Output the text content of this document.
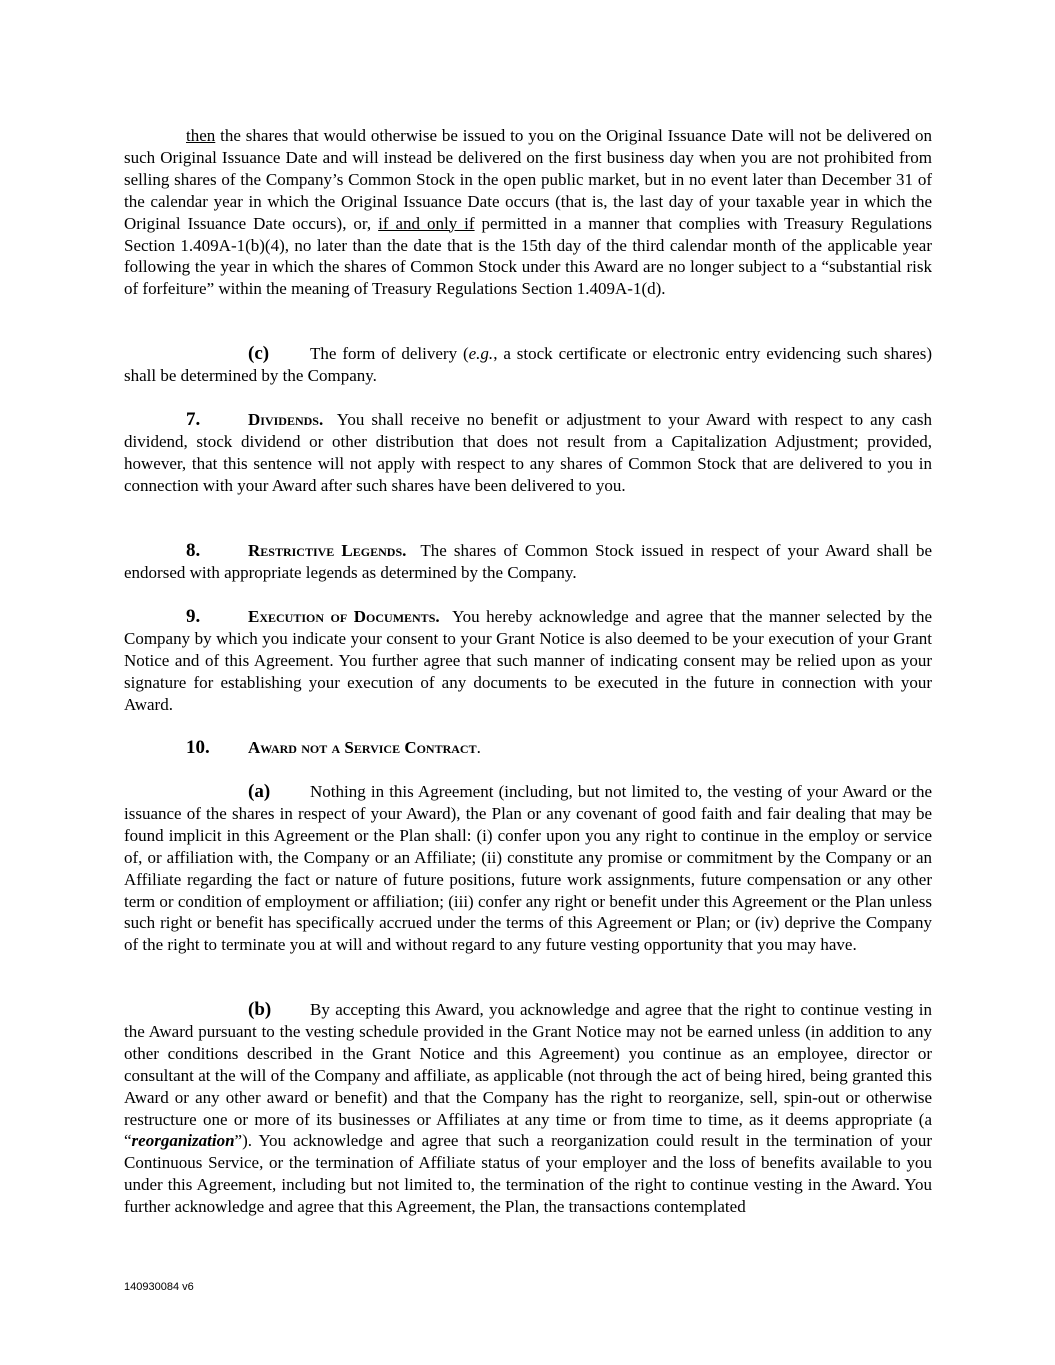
then the shares that would otherwise be issued to you on the Original Issuance Date will not be delivered on such Original Issuance Date and will instead be delivered on the first business day when you are not prohibited from selling shares of the Company’s Common Stock in the open public market, but in no event later than December 31 of the calendar year in which the Original Issuance Date occurs (that is, the last day of your taxable year in which the Original Issuance Date occurs), or, if and only if permitted in a manner that complies with Treasury Regulations Section 1.409A-1(b)(4), no later than the date that is the 15th day of the third calendar month of the applicable year following the year in which the shares of Common Stock under this Award are no longer subject to a “substantial risk of forfeiture” within the meaning of Treasury Regulations Section 1.409A-1(d).

(c) The form of delivery (e.g., a stock certificate or electronic entry evidencing such shares) shall be determined by the Company.

7.	Dividends. You shall receive no benefit or adjustment to your Award with respect to any cash dividend, stock dividend or other distribution that does not result from a Capitalization Adjustment; provided, however, that this sentence will not apply with respect to any shares of Common Stock that are delivered to you in connection with your Award after such shares have been delivered to you.

8.	Restrictive Legends. The shares of Common Stock issued in respect of your Award shall be endorsed with appropriate legends as determined by the Company.

9.	Execution of Documents. You hereby acknowledge and agree that the manner selected by the Company by which you indicate your consent to your Grant Notice is also deemed to be your execution of your Grant Notice and of this Agreement. You further agree that such manner of indicating consent may be relied upon as your signature for establishing your execution of any documents to be executed in the future in connection with your Award.

10. Award not a Service Contract.

(a) Nothing in this Agreement (including, but not limited to, the vesting of your Award or the issuance of the shares in respect of your Award), the Plan or any covenant of good faith and fair dealing that may be found implicit in this Agreement or the Plan shall: (i) confer upon you any right to continue in the employ or service of, or affiliation with, the Company or an Affiliate; (ii) constitute any promise or commitment by the Company or an Affiliate regarding the fact or nature of future positions, future work assignments, future compensation or any other term or condition of employment or affiliation; (iii) confer any right or benefit under this Agreement or the Plan unless such right or benefit has specifically accrued under the terms of this Agreement or Plan; or (iv) deprive the Company of the right to terminate you at will and without regard to any future vesting opportunity that you may have.

(b) By accepting this Award, you acknowledge and agree that the right to continue vesting in the Award pursuant to the vesting schedule provided in the Grant Notice may not be earned unless (in addition to any other conditions described in the Grant Notice and this Agreement) you continue as an employee, director or consultant at the will of the Company and affiliate, as applicable (not through the act of being hired, being granted this Award or any other award or benefit) and that the Company has the right to reorganize, sell, spin-out or otherwise restructure one or more of its businesses or Affiliates at any time or from time to time, as it deems appropriate (a “reorganization”). You acknowledge and agree that such a reorganization could result in the termination of your Continuous Service, or the termination of Affiliate status of your employer and the loss of benefits available to you under this Agreement, including but not limited to, the termination of the right to continue vesting in the Award. You further acknowledge and agree that this Agreement, the Plan, the transactions contemplated

140930084 v6
